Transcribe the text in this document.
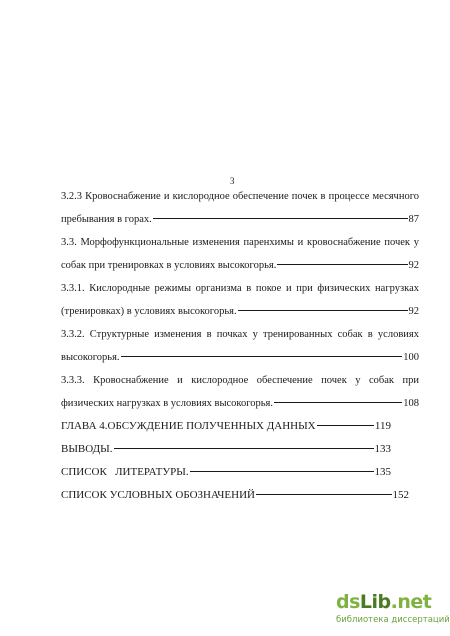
3
3.2.3 Кровоснабжение и кислородное обеспечение почек в процессе месячного
пребывания в горах.	87
3.3. Морфофункциональные изменения паренхимы и кровоснабжение почек у
собак при тренировках в условиях высокогорья.	92
3.3.1. Кислородные режимы организма в покое и при физических нагрузках
(тренировках) в условиях высокогорья.	92
3.3.2. Структурные изменения в почках у тренированных собак в условиях
высокогорья.	100
3.3.3. Кровоснабжение и кислородное обеспечение почек у собак при
физических нагрузках в условиях высокогорья.	108
ГЛАВА 4.ОБСУЖДЕНИЕ ПОЛУЧЕННЫХ ДАННЫХ	119
ВЫВОДЫ.	133
СПИСОК   ЛИТЕРАТУРЫ.	135
СПИСОК УСЛОВНЫХ ОБОЗНАЧЕНИЙ	152
dsLib.net
библиотека диссертаций
